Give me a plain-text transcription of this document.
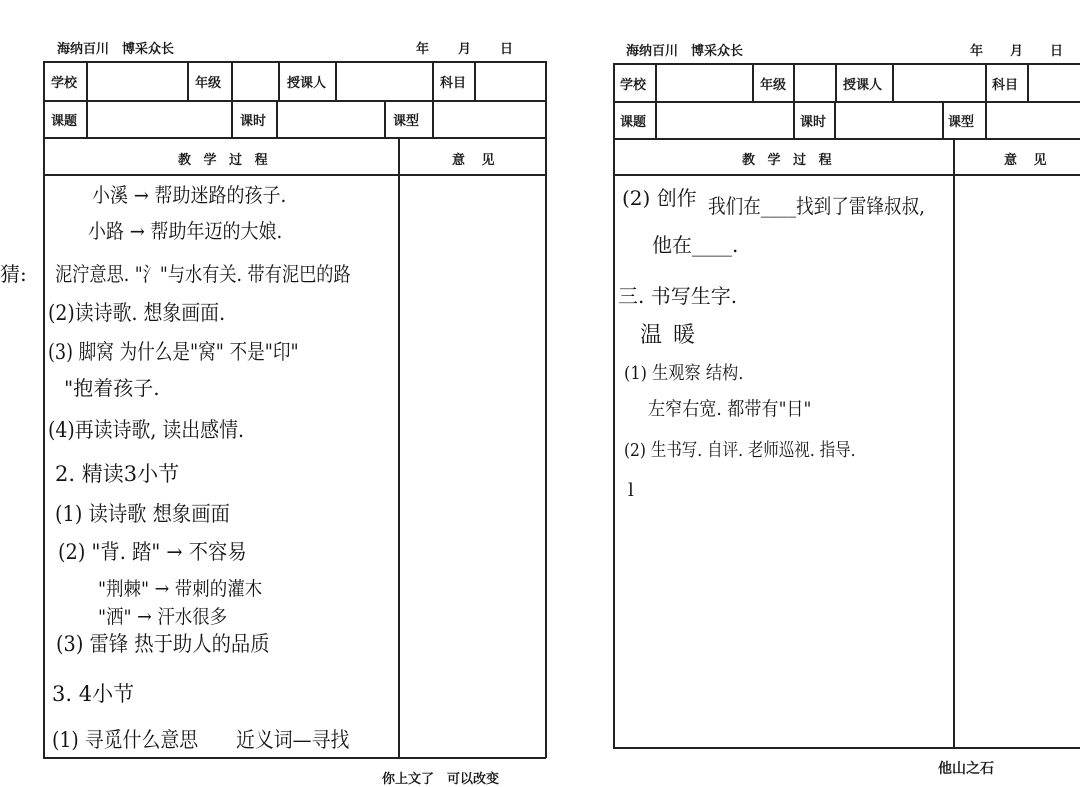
海纳百川　博采众长	年 月 日
学校	年级	授课人	科目
课题	课时	课型
教 学 过 程	意 见
猜:
小溪 → 帮助迷路的孩子.
小路 → 帮助年迈的大娘.
泥泞意思. "氵"与水有关. 带有泥巴的路
(2)读诗歌. 想象画面.
(3) 脚窝 为什么是"窝" 不是"印"
"抱着孩子.
(4)再读诗歌, 读出感情.
2. 精读3小节
(1) 读诗歌 想象画面
(2) "背. 踏" → 不容易
"荆棘" → 带刺的灌木
"洒" → 汗水很多
(3) 雷锋 热于助人的品质
3. 4小节
(1) 寻觅什么意思　　近义词—寻找
你上文了　可以改变
海纳百川　博采众长	年 月 日
学校	年级	授课人	科目
课题	课时	课型
教 学 过 程	意 见
(2) 创作 我们在____找到了雷锋叔叔,
他在____.
三. 书写生字.
温 暖
(1) 生观察 结构.
左窄右宽. 都带有"日"
(2) 生书写. 自评. 老师巡视. 指导.
l
他山之石
